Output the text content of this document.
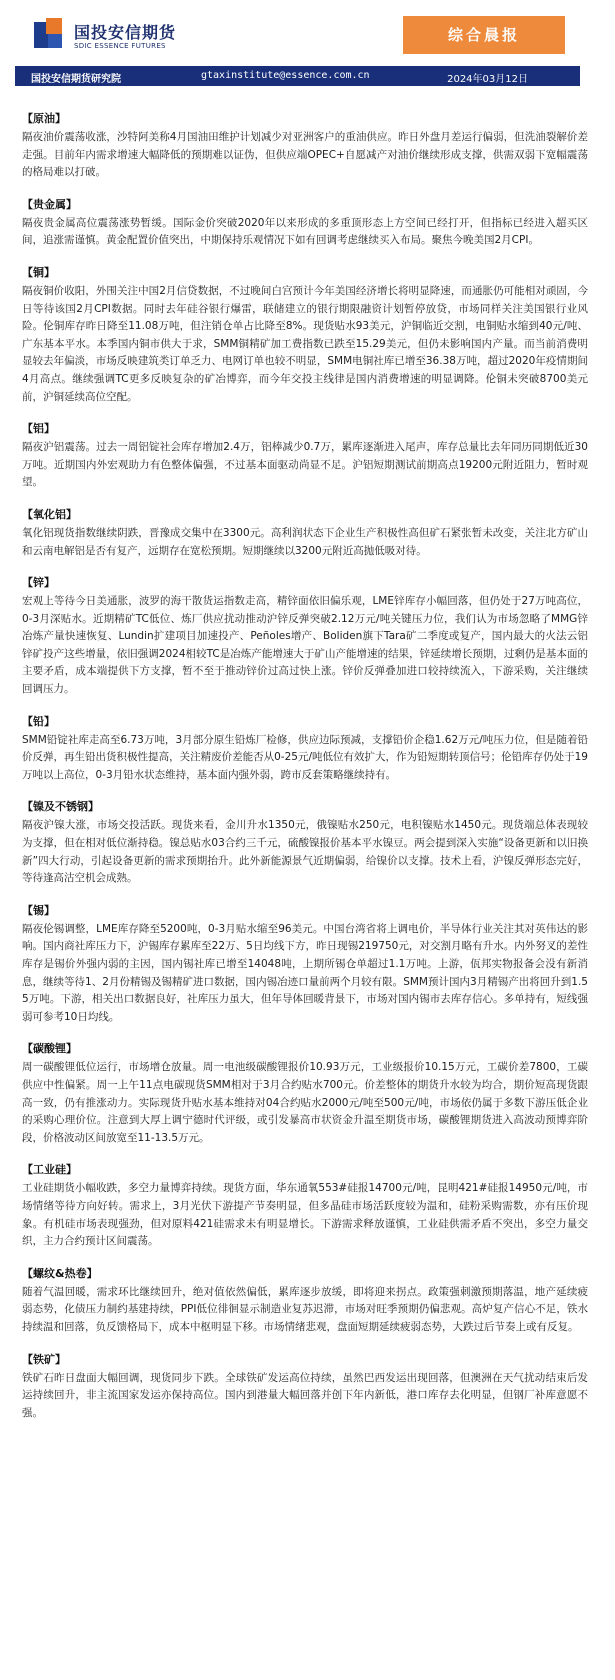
国投安信期货
SDIC ESSENCE FUTURES
综合晨报
国投安信期货研究院	gtaxinstitute@essence.com.cn	2024年03月12日
【原油】
隔夜油价震荡收涨，沙特阿美称4月国油田维护计划减少对亚洲客户的重油供应。昨日外盘月差运行偏弱，但洗油裂解价差走强。目前年内需求增速大幅降低的预期难以证伪，但供应端OPEC+自愿减产对油价继续形成支撑，供需双弱下宽幅震荡的格局难以打破。
【贵金属】
隔夜贵金属高位震荡涨势暂缓。国际金价突破2020年以来形成的多重顶形态上方空间已经打开，但指标已经进入超买区间，追涨需谨慎。黄金配置价值突出，中期保持乐观情况下如有回调考虑继续买入布局。聚焦今晚美国2月CPI。
【铜】
隔夜铜价收阳，外围关注中国2月信贷数据，不过晚间白宫预计今年美国经济增长将明显降速，而通胀仍可能相对顽固，今日等待该国2月CPI数据。同时去年硅谷银行爆雷，联储建立的银行期限融资计划暂停放贷，市场同样关注美国银行业风险。伦铜库存昨日降至11.08万吨，但注销仓单占比降至8%。现货贴水93美元，沪铜临近交割，电铜贴水缩到40元/吨、广东基本平水。本季国内铜市供大于求，SMM铜精矿加工费指数已跌至15.29美元，但仍未影响国内产量。而当前消费明显较去年偏淡，市场反映建筑类订单乏力、电网订单也较不明显，SMM电铜社库已增至36.38万吨，超过2020年疫情期间4月高点。继续强调TC更多反映复杂的矿冶博弈，而今年交投主线律是国内消费增速的明显调降。伦铜未突破8700美元前，沪铜延续高位空配。
【铝】
隔夜沪铝震荡。过去一周铝锭社会库存增加2.4万，铝棒减少0.7万，累库逐渐进入尾声，库存总量比去年同历同期低近30万吨。近期国内外宏观助力有色整体偏强，不过基本面驱动尚显不足。沪铝短期测试前期高点19200元附近阻力，暂时观望。
【氧化铝】
氧化铝现货指数继续阴跌，晋豫成交集中在3300元。高利润状态下企业生产积极性高但矿石紧张暂未改变，关注北方矿山和云南电解铝是否有复产，远期存在宽松预期。短期继续以3200元附近高抛低吸对待。
【锌】
宏观上等待今日美通胀，波罗的海干散货运指数走高，精锌面依旧偏乐观，LME锌库存小幅回落，但仍处于27万吨高位，0-3月深贴水。近期精矿TC低位、炼厂供应扰动推动沪锌反弹突破2.12万元/吨关键压力位，我们认为市场忽略了MMG锌冶炼产量快速恢复、Lundin扩建项目加速投产、Peñoles增产、Boliden旗下Tara矿二季度或复产，国内最大的火法云铝锌矿投产这些增量，依旧强调2024相较TC是冶炼产能增速大于矿山产能增速的结果，锌延续增长预期，过剩仍是基本面的主要矛盾，成本端提供下方支撑，暂不至于推动锌价过高过快上涨。锌价反弹叠加进口较持续流入，下游采购，关注继续回调压力。
【铅】
SMM铅锭社库走高至6.73万吨，3月部分原生铅炼厂检修，供应边际预减，支撑铅价企稳1.62万元/吨压力位，但是随着铅价反弹，再生铅出货积极性提高，关注精废价差能否从0-25元/吨低位有效扩大，作为铅短期转顶信号；伦铅库存仍处于19万吨以上高位，0-3月铅水状态维持，基本面内强外弱，跨市反套策略继续持有。
【镍及不锈钢】
隔夜沪镍大涨，市场交投活跃。现货来看，金川升水1350元，俄镍贴水250元，电积镍贴水1450元。现货端总体表现较为支撑，但在相对低位渐持稳。镍总贴水03合约三千元，硫酸镍报价基本平水镍豆。两会提到深入实施“设备更新和以旧换新”四大行动，引起设备更新的需求预期抬升。此外新能源景气近期偏弱，给镍价以支撑。技术上看，沪镍反弹形态完好，等待逢高沽空机会成熟。
【锡】
隔夜伦锡调整，LME库存降至5200吨，0-3月贴水缩至96美元。中国台湾省将上调电价，半导体行业关注其对英伟达的影响。国内商社库压力下，沪锡库存累库至22万、5日均线下方，昨日现锡219750元，对交割月略有升水。内外努叉的差性库存是锡价外强内弱的主因，国内锡社库已增至14048吨，上期所锡仓单超过1.1万吨。上游，佤邦实物报备会没有新消息，继续等待1、2月份精锡及锡精矿进口数据，国内锡冶迹口量前两个月较有限。SMM预计国内3月精锡产出将回升到1.55万吨。下游，相关出口数据良好，社库压力虽大，但年导体回暖背景下，市场对国内锡市去库存信心。多单持有，短线强弱可参考10日均线。
【碳酸锂】
周一碳酸锂低位运行，市场增仓放量。周一电池级碳酸锂报价10.93万元，工业级报价10.15万元，工碳价差7800，工碳供应中性偏紧。周一上午11点电碳现货SMM相对于3月合约贴水700元。价差整体的期货升水较为均合，期价短高现货跟高一致，仍有推涨动力。实际现货升贴水基本维持对04合约贴水2000元/吨至500元/吨，市场依仍属于多数下游压低企业的采购心理价位。注意到大厚上调宁德时代评级，或引发暴高市状资金升温至期货市场，碳酸锂期货进入高波动预博弈阶段，价格波动区间放宽至11-13.5万元。
【工业硅】
工业硅期货小幅收跌，多空力量博弈持续。现货方面，华东通氧553#硅报14700元/吨，昆明421#硅报14950元/吨，市场情绪等待方向好转。需求上，3月光伏下游提产节奏明显，但多晶硅市场活跃度较为温和，硅粉采购需数，亦有压价现象。有机硅市场表现强劲，但对原料421硅需求未有明显增长。下游需求释放谨慎，工业硅供需矛盾不突出，多空力量交织，主力合约预计区间震荡。
【螺纹&热卷】
随着气温回暖，需求环比继续回升，绝对值依然偏低，累库逐步放缓，即将迎来拐点。政策强刺激预期落温，地产延续疲弱态势，化债压力制约基建持续，PPI低位徘徊显示制造业复苏迟滞，市场对旺季预期仍偏悲观。高炉复产信心不足，铁水持续温和回落，负反馈格局下，成本中枢明显下移。市场情绪悲观，盘面短期延续疲弱态势，大跌过后节奏上或有反复。
【铁矿】
铁矿石昨日盘面大幅回调，现货同步下跌。全球铁矿发运高位持续，虽然巴西发运出现回落，但澳洲在天气扰动结束后发运持续回升，非主流国家发运亦保持高位。国内到港量大幅回落并创下年内新低，港口库存去化明显，但钢厂补库意愿不强。
